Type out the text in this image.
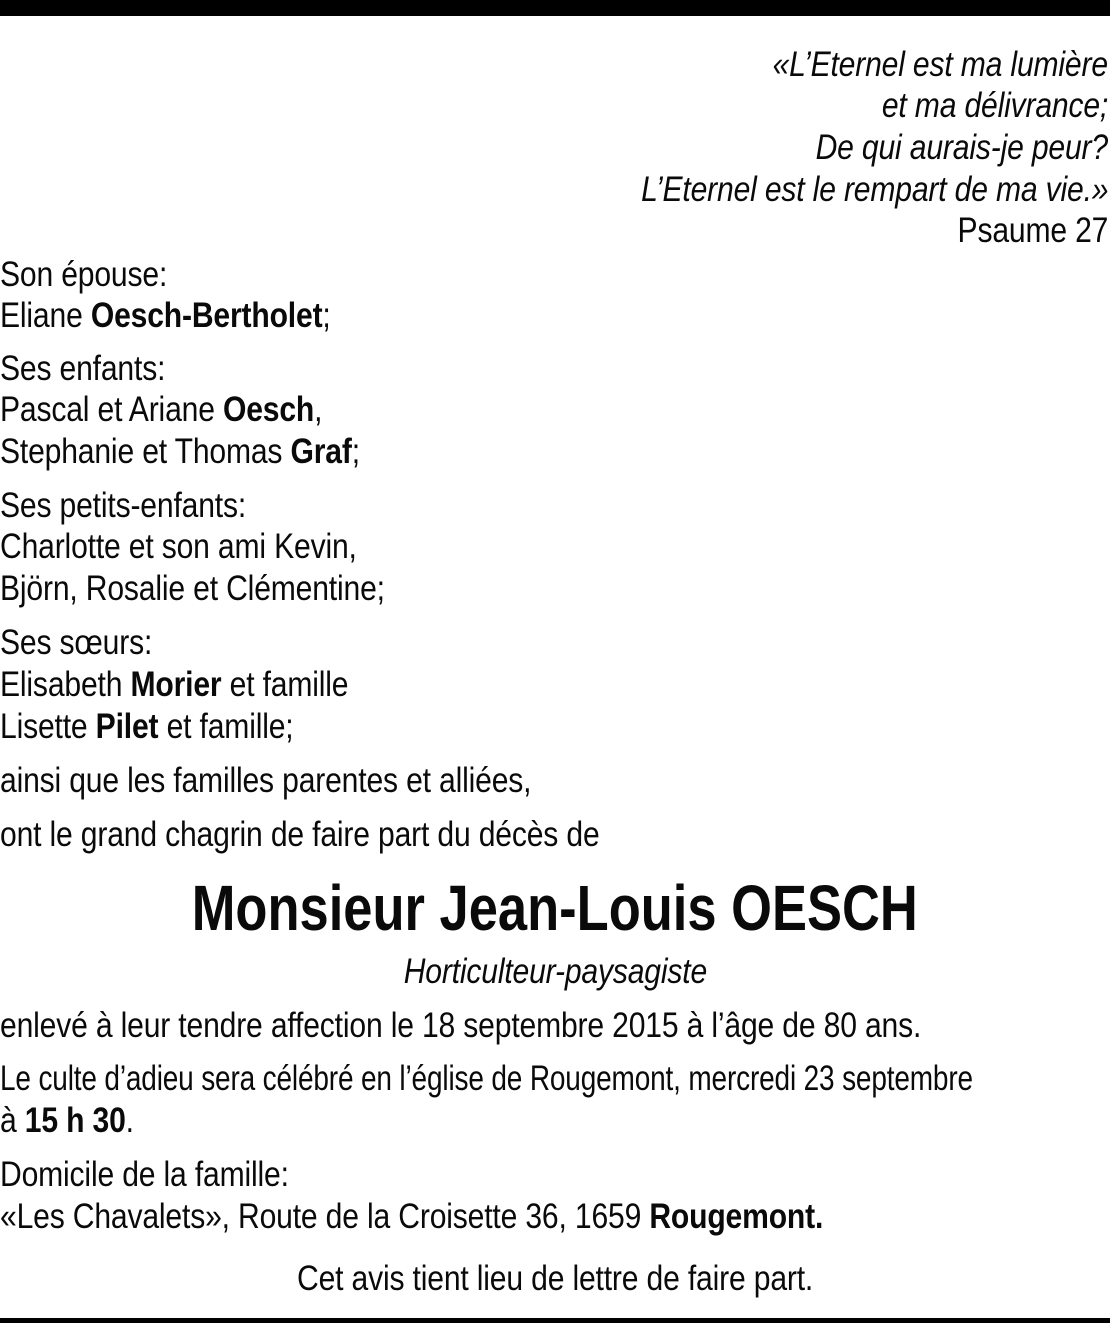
«L’Eternel est ma lumière
et ma délivrance;
De qui aurais-je peur?
L’Eternel est le rempart de ma vie.»
Psaume 27
Son épouse:
Eliane Oesch-Bertholet;
Ses enfants:
Pascal et Ariane Oesch,
Stephanie et Thomas Graf;
Ses petits-enfants:
Charlotte et son ami Kevin,
Björn, Rosalie et Clémentine;
Ses sœurs:
Elisabeth Morier et famille
Lisette Pilet et famille;
ainsi que les familles parentes et alliées,
ont le grand chagrin de faire part du décès de
Monsieur Jean-Louis OESCH
Horticulteur-paysagiste
enlevé à leur tendre affection le 18 septembre 2015 à l’âge de 80 ans.
Le culte d’adieu sera célébré en l’église de Rougemont, mercredi 23 septembre
à 15 h 30.
Domicile de la famille:
«Les Chavalets», Route de la Croisette 36, 1659 Rougemont.
Cet avis tient lieu de lettre de faire part.
